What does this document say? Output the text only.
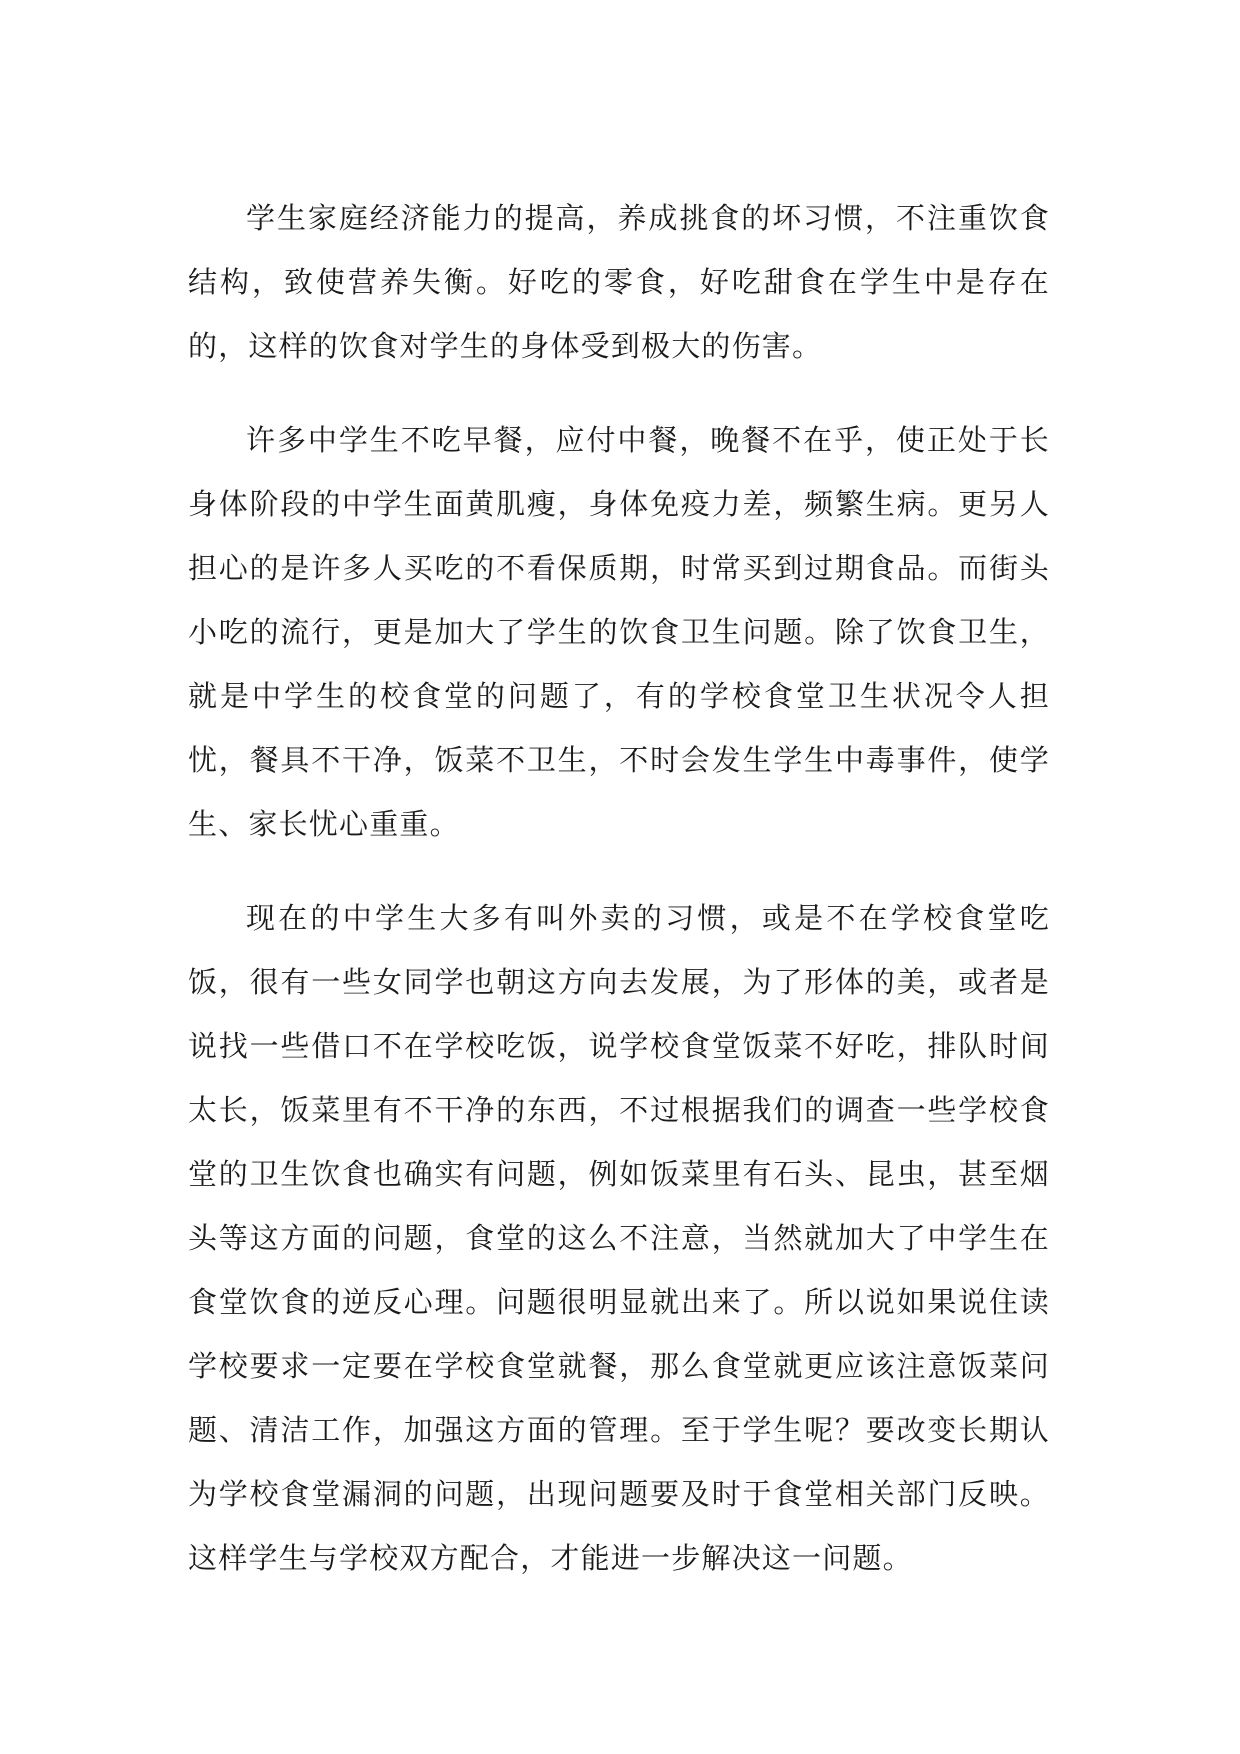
学生家庭经济能力的提高，养成挑食的坏习惯，不注重饮食结构，致使营养失衡。好吃的零食，好吃甜食在学生中是存在的，这样的饮食对学生的身体受到极大的伤害。

许多中学生不吃早餐，应付中餐，晚餐不在乎，使正处于长身体阶段的中学生面黄肌瘦，身体免疫力差，频繁生病。更另人担心的是许多人买吃的不看保质期，时常买到过期食品。而街头小吃的流行，更是加大了学生的饮食卫生问题。除了饮食卫生，就是中学生的校食堂的问题了，有的学校食堂卫生状况令人担忧，餐具不干净，饭菜不卫生，不时会发生学生中毒事件，使学生、家长忧心重重。

现在的中学生大多有叫外卖的习惯，或是不在学校食堂吃饭，很有一些女同学也朝这方向去发展，为了形体的美，或者是说找一些借口不在学校吃饭，说学校食堂饭菜不好吃，排队时间太长，饭菜里有不干净的东西，不过根据我们的调查一些学校食堂的卫生饮食也确实有问题，例如饭菜里有石头、昆虫，甚至烟头等这方面的问题，食堂的这么不注意，当然就加大了中学生在食堂饮食的逆反心理。问题很明显就出来了。所以说如果说住读学校要求一定要在学校食堂就餐，那么食堂就更应该注意饭菜问题、清洁工作，加强这方面的管理。至于学生呢？要改变长期认为学校食堂漏洞的问题，出现问题要及时于食堂相关部门反映。这样学生与学校双方配合，才能进一步解决这一问题。
